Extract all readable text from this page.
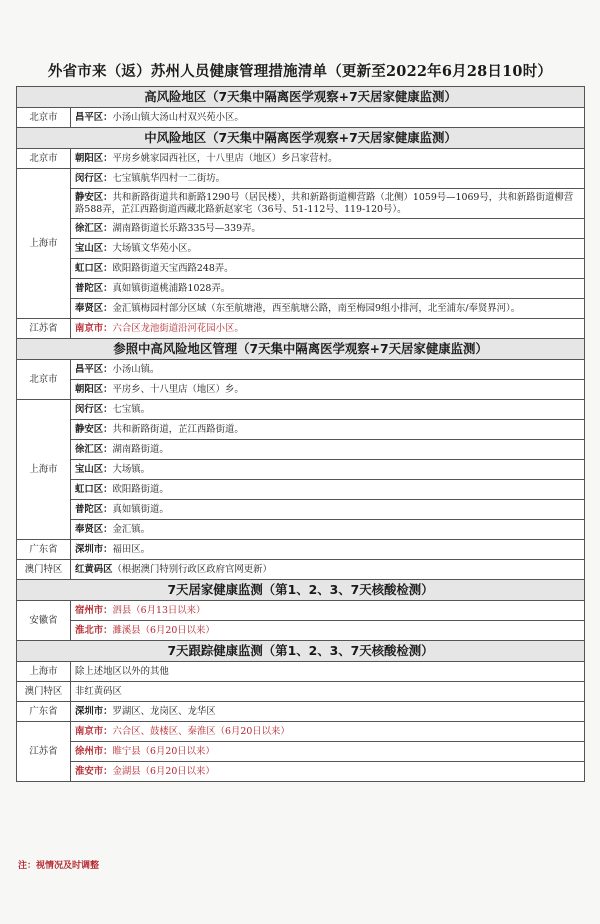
外省市来（返）苏州人员健康管理措施清单（更新至2022年6月28日10时）
高风险地区（7天集中隔离医学观察+7天居家健康监测）	
北京市	昌平区：小汤山镇大汤山村双兴苑小区。
中风险地区（7天集中隔离医学观察+7天居家健康监测）	
北京市	朝阳区：平房乡姚家园西社区，十八里店（地区）乡吕家营村。
上海市	闵行区：七宝镇航华四村一二街坊。
	静安区：共和新路街道共和新路1290号（居民楼），共和新路街道柳营路（北侧）1059号—1069号，共和新路街道柳营路588弄，芷江西路街道西藏北路新赵家宅（36号、51-112号、119-120号）。
	徐汇区：湖南路街道长乐路335号—339弄。
	宝山区：大场镇文华苑小区。
	虹口区：欧阳路街道天宝西路248弄。
	普陀区：真如镇街道桃浦路1028弄。
	奉贤区：金汇镇梅园村部分区域（东至航塘港，西至航塘公路，南至梅园9组小排河，北至浦东/奉贤界河）。
江苏省	南京市：六合区龙池街道沿河花园小区。
参照中高风险地区管理（7天集中隔离医学观察+7天居家健康监测）	
北京市	昌平区：小汤山镇。
	朝阳区：平房乡、十八里店（地区）乡。
上海市	闵行区：七宝镇。
	静安区：共和新路街道，芷江西路街道。
	徐汇区：湖南路街道。
	宝山区：大场镇。
	虹口区：欧阳路街道。
	普陀区：真如镇街道。
	奉贤区：金汇镇。
广东省	深圳市：福田区。
澳门特区	红黄码区（根据澳门特别行政区政府官网更新）
7天居家健康监测（第1、2、3、7天核酸检测）	
安徽省	宿州市：泗县（6月13日以来）
	淮北市：濉溪县（6月20日以来）
7天跟踪健康监测（第1、2、3、7天核酸检测）	
上海市	除上述地区以外的其他
澳门特区	非红黄码区
广东省	深圳市：罗湖区、龙岗区、龙华区
江苏省	南京市：六合区、鼓楼区、秦淮区（6月20日以来）
	徐州市：睢宁县（6月20日以来）
	淮安市：金湖县（6月20日以来）
注：视情况及时调整
